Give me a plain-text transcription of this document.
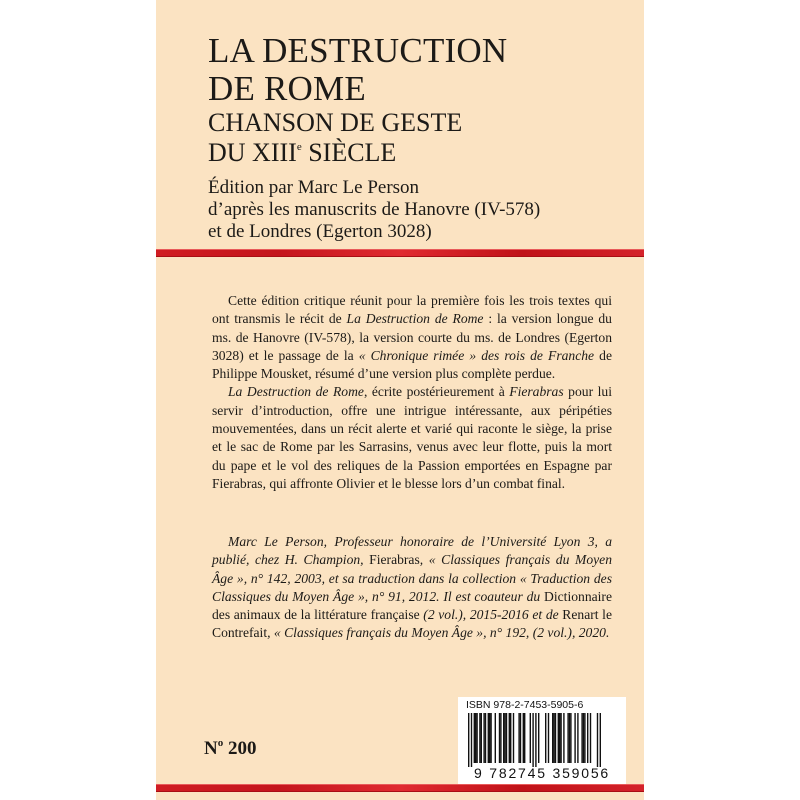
LA DESTRUCTION
DE ROME
CHANSON DE GESTE
DU XIIIe SIÈCLE
Édition par Marc Le Person
d’après les manuscrits de Hanovre (IV-578)
et de Londres (Egerton 3028)

Cette édition critique réunit pour la première fois les trois textes qui ont transmis le récit de La Destruction de Rome : la version longue du ms. de Hanovre (IV-578), la version courte du ms. de Londres (Egerton 3028) et le passage de la « Chronique rimée » des rois de Franche de Philippe Mousket, résumé d’une version plus complète perdue.

La Destruction de Rome, écrite postérieurement à Fierabras pour lui servir d’introduction, offre une intrigue intéressante, aux péripéties mouvementées, dans un récit alerte et varié qui raconte le siège, la prise et le sac de Rome par les Sarrasins, venus avec leur flotte, puis la mort du pape et le vol des reliques de la Passion emportées en Espagne par Fierabras, qui affronte Olivier et le blesse lors d’un combat final.

Marc Le Person, Professeur honoraire de l’Université Lyon 3, a publié, chez H. Champion, Fierabras, « Classiques français du Moyen Âge », n° 142, 2003, et sa traduction dans la collection « Traduction des Classiques du Moyen Âge », n° 91, 2012. Il est coauteur du Dictionnaire des animaux de la littérature française (2 vol.), 2015-2016 et de Renart le Contrefait, « Classiques français du Moyen Âge », n° 192, (2 vol.), 2020.

$N^o$ 200
ISBN 978-2-7453-5905-6
9 782745 359056
